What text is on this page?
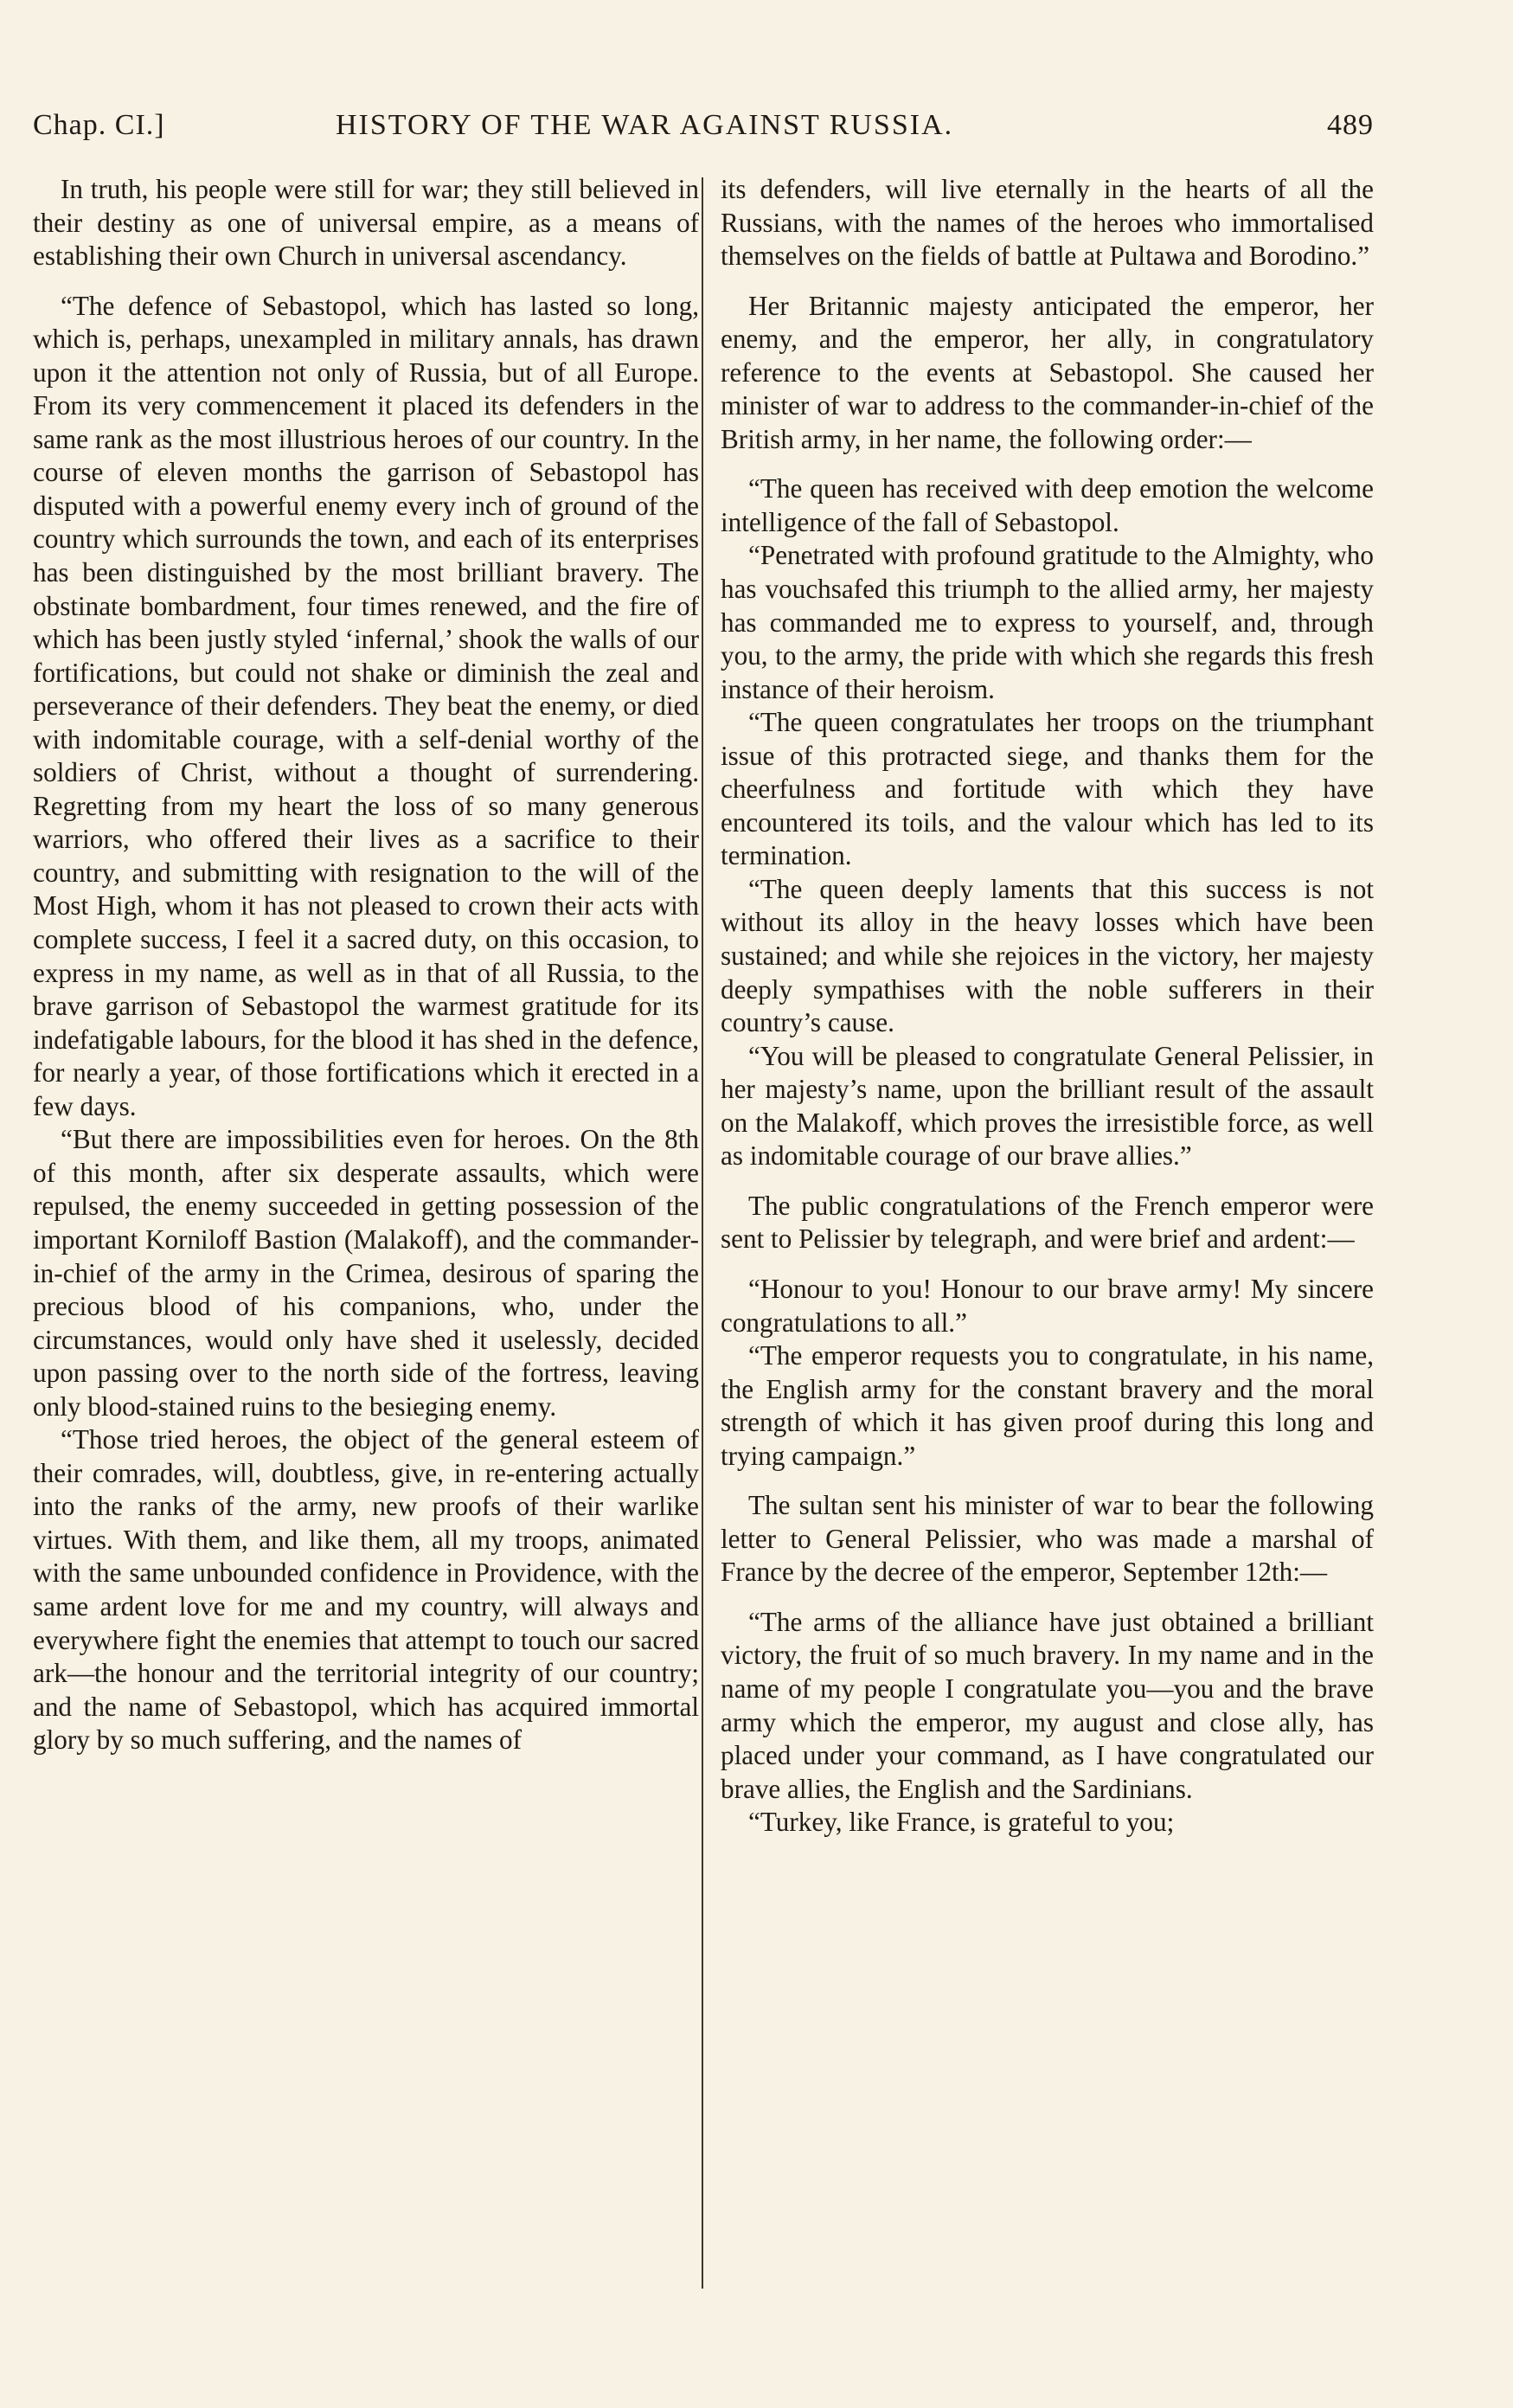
Chap. CI.]	HISTORY OF THE WAR AGAINST RUSSIA.	489

In truth, his people were still for war; they still believed in their destiny as one of universal empire, as a means of establishing their own Church in universal ascendancy.

“The defence of Sebastopol, which has lasted so long, which is, perhaps, unexampled in military annals, has drawn upon it the attention not only of Russia, but of all Europe. From its very commencement it placed its defenders in the same rank as the most illustrious heroes of our country. In the course of eleven months the garrison of Sebastopol has disputed with a powerful enemy every inch of ground of the country which surrounds the town, and each of its enterprises has been distinguished by the most brilliant bravery. The obstinate bombardment, four times renewed, and the fire of which has been justly styled ‘infernal,’ shook the walls of our fortifications, but could not shake or diminish the zeal and perseverance of their defenders. They beat the enemy, or died with indomitable courage, with a self-denial worthy of the soldiers of Christ, without a thought of surrendering. Regretting from my heart the loss of so many generous warriors, who offered their lives as a sacrifice to their country, and submitting with resignation to the will of the Most High, whom it has not pleased to crown their acts with complete success, I feel it a sacred duty, on this occasion, to express in my name, as well as in that of all Russia, to the brave garrison of Sebastopol the warmest gratitude for its indefatigable labours, for the blood it has shed in the defence, for nearly a year, of those fortifications which it erected in a few days.

“But there are impossibilities even for heroes. On the 8th of this month, after six desperate assaults, which were repulsed, the enemy succeeded in getting possession of the important Korniloff Bastion (Malakoff), and the commander-in-chief of the army in the Crimea, desirous of sparing the precious blood of his companions, who, under the circumstances, would only have shed it uselessly, decided upon passing over to the north side of the fortress, leaving only blood-stained ruins to the besieging enemy.

“Those tried heroes, the object of the general esteem of their comrades, will, doubtless, give, in re-entering actually into the ranks of the army, new proofs of their warlike virtues. With them, and like them, all my troops, animated with the same unbounded confidence in Providence, with the same ardent love for me and my country, will always and everywhere fight the enemies that attempt to touch our sacred ark—the honour and the territorial integrity of our country; and the name of Sebastopol, which has acquired immortal glory by so much suffering, and the names of

its defenders, will live eternally in the hearts of all the Russians, with the names of the heroes who immortalised themselves on the fields of battle at Pultawa and Borodino.”

Her Britannic majesty anticipated the emperor, her enemy, and the emperor, her ally, in congratulatory reference to the events at Sebastopol. She caused her minister of war to address to the commander-in-chief of the British army, in her name, the following order:—

“The queen has received with deep emotion the welcome intelligence of the fall of Sebastopol.

“Penetrated with profound gratitude to the Almighty, who has vouchsafed this triumph to the allied army, her majesty has commanded me to express to yourself, and, through you, to the army, the pride with which she regards this fresh instance of their heroism.

“The queen congratulates her troops on the triumphant issue of this protracted siege, and thanks them for the cheerfulness and fortitude with which they have encountered its toils, and the valour which has led to its termination.

“The queen deeply laments that this success is not without its alloy in the heavy losses which have been sustained; and while she rejoices in the victory, her majesty deeply sympathises with the noble sufferers in their country’s cause.

“You will be pleased to congratulate General Pelissier, in her majesty’s name, upon the brilliant result of the assault on the Malakoff, which proves the irresistible force, as well as indomitable courage of our brave allies.”

The public congratulations of the French emperor were sent to Pelissier by telegraph, and were brief and ardent:—

“Honour to you! Honour to our brave army! My sincere congratulations to all.”

“The emperor requests you to congratulate, in his name, the English army for the constant bravery and the moral strength of which it has given proof during this long and trying campaign.”

The sultan sent his minister of war to bear the following letter to General Pelissier, who was made a marshal of France by the decree of the emperor, September 12th:—

“The arms of the alliance have just obtained a brilliant victory, the fruit of so much bravery. In my name and in the name of my people I congratulate you—you and the brave army which the emperor, my august and close ally, has placed under your command, as I have congratulated our brave allies, the English and the Sardinians.

“Turkey, like France, is grateful to you;
